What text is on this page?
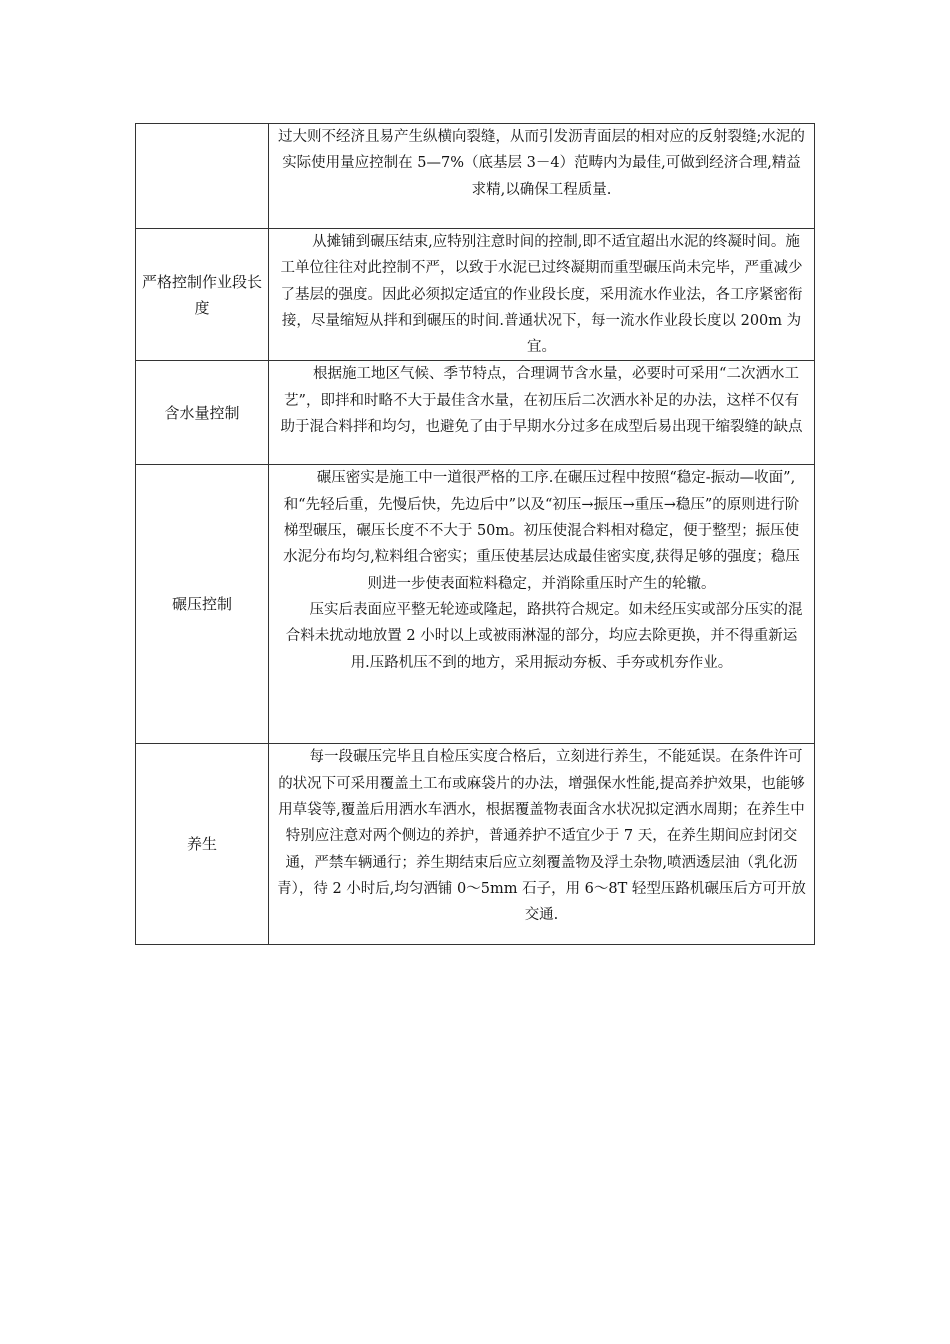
	过大则不经济且易产生纵横向裂缝，从而引发沥青面层的相对应的反射裂缝;水泥的实际使用量应控制在 5—7%（底基层 3－4）范畴内为最佳,可做到经济合理,精益求精,以确保工程质量.

严格控制作业段长度	从摊铺到碾压结束,应特别注意时间的控制,即不适宜超出水泥的终凝时间。施工单位往往对此控制不严，以致于水泥已过终凝期而重型碾压尚未完毕，严重减少了基层的强度。因此必须拟定适宜的作业段长度，采用流水作业法，各工序紧密衔接，尽量缩短从拌和到碾压的时间.普通状况下，每一流水作业段长度以 200m 为宜。

含水量控制	根据施工地区气候、季节特点，合理调节含水量，必要时可采用“二次洒水工艺”，即拌和时略不大于最佳含水量，在初压后二次洒水补足的办法，这样不仅有助于混合料拌和均匀，也避免了由于早期水分过多在成型后易出现干缩裂缝的缺点

碾压控制	碾压密实是施工中一道很严格的工序.在碾压过程中按照“稳定-振动—收面”,和“先轻后重，先慢后快，先边后中”以及“初压→振压→重压→稳压”的原则进行阶梯型碾压，碾压长度不不大于 50m。初压使混合料相对稳定，便于整型；振压使水泥分布均匀,粒料组合密实；重压使基层达成最佳密实度,获得足够的强度；稳压则进一步使表面粒料稳定，并消除重压时产生的轮辙。

压实后表面应平整无轮迹或隆起，路拱符合规定。如未经压实或部分压实的混合料未扰动地放置 2 小时以上或被雨淋湿的部分，均应去除更换，并不得重新运用.压路机压不到的地方，采用振动夯板、手夯或机夯作业。

养生	每一段碾压完毕且自检压实度合格后，立刻进行养生，不能延误。在条件许可的状况下可采用覆盖土工布或麻袋片的办法，增强保水性能,提高养护效果，也能够用草袋等,覆盖后用洒水车洒水，根据覆盖物表面含水状况拟定洒水周期；在养生中特别应注意对两个侧边的养护，普通养护不适宜少于 7 天，在养生期间应封闭交通，严禁车辆通行；养生期结束后应立刻覆盖物及浮土杂物,喷洒透层油（乳化沥青），待 2 小时后,均匀洒铺 0～5mm 石子，用 6～8T 轻型压路机碾压后方可开放交通.
